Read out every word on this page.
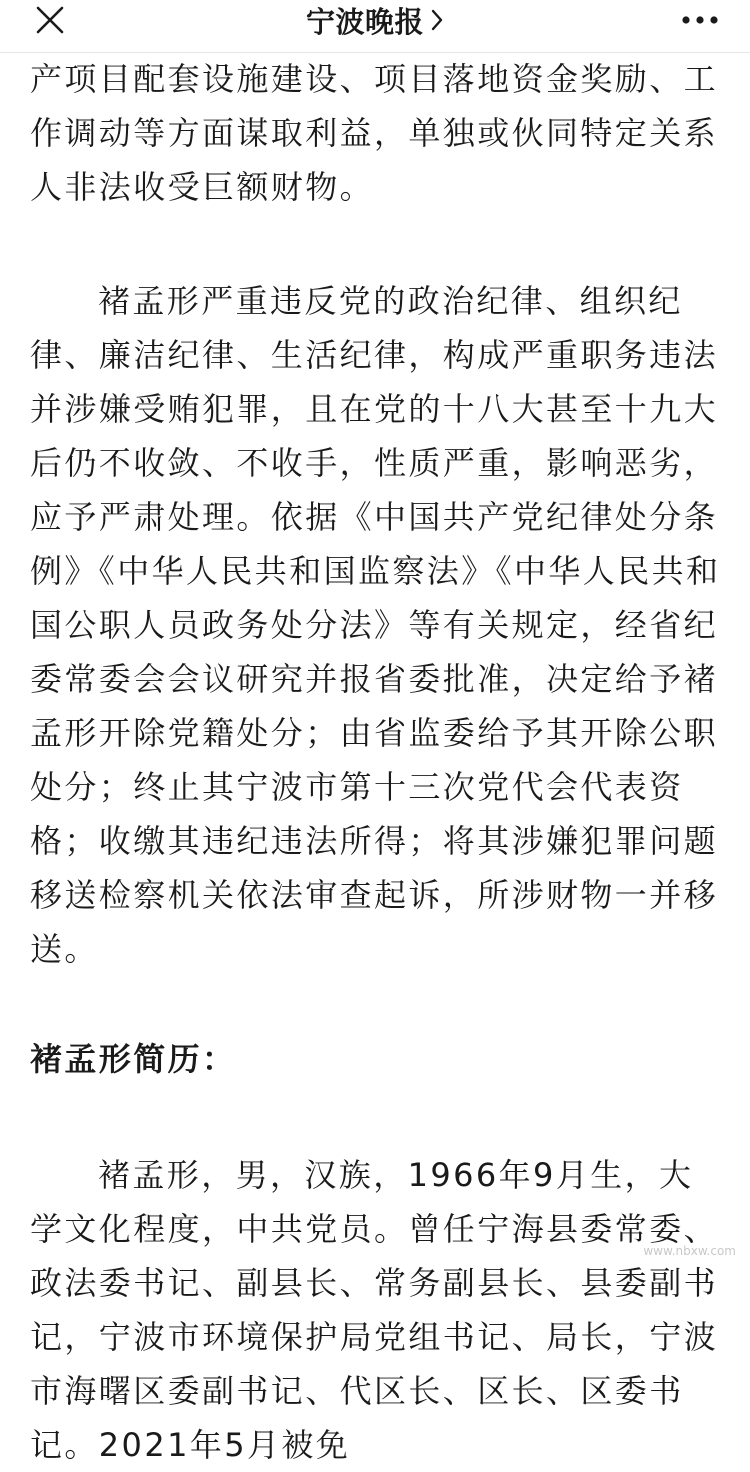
宁波晚报

产项目配套设施建设、项目落地资金奖励、工作调动等方面谋取利益，单独或伙同特定关系人非法收受巨额财物。

褚孟形严重违反党的政治纪律、组织纪律、廉洁纪律、生活纪律，构成严重职务违法并涉嫌受贿犯罪，且在党的十八大甚至十九大后仍不收敛、不收手，性质严重，影响恶劣，应予严肃处理。依据《中国共产党纪律处分条例》《中华人民共和国监察法》《中华人民共和国公职人员政务处分法》等有关规定，经省纪委常委会会议研究并报省委批准，决定给予褚孟形开除党籍处分；由省监委给予其开除公职处分；终止其宁波市第十三次党代会代表资格；收缴其违纪违法所得；将其涉嫌犯罪问题移送检察机关依法审查起诉，所涉财物一并移送。

褚孟形简历：

褚孟形，男，汉族，1966年9月生，大学文化程度，中共党员。曾任宁海县委常委、政法委书记、副县长、常务副县长、县委副书记，宁波市环境保护局党组书记、局长，宁波市海曙区委副书记、代区长、区长、区委书记。2021年5月被免

www.nbxw.com
